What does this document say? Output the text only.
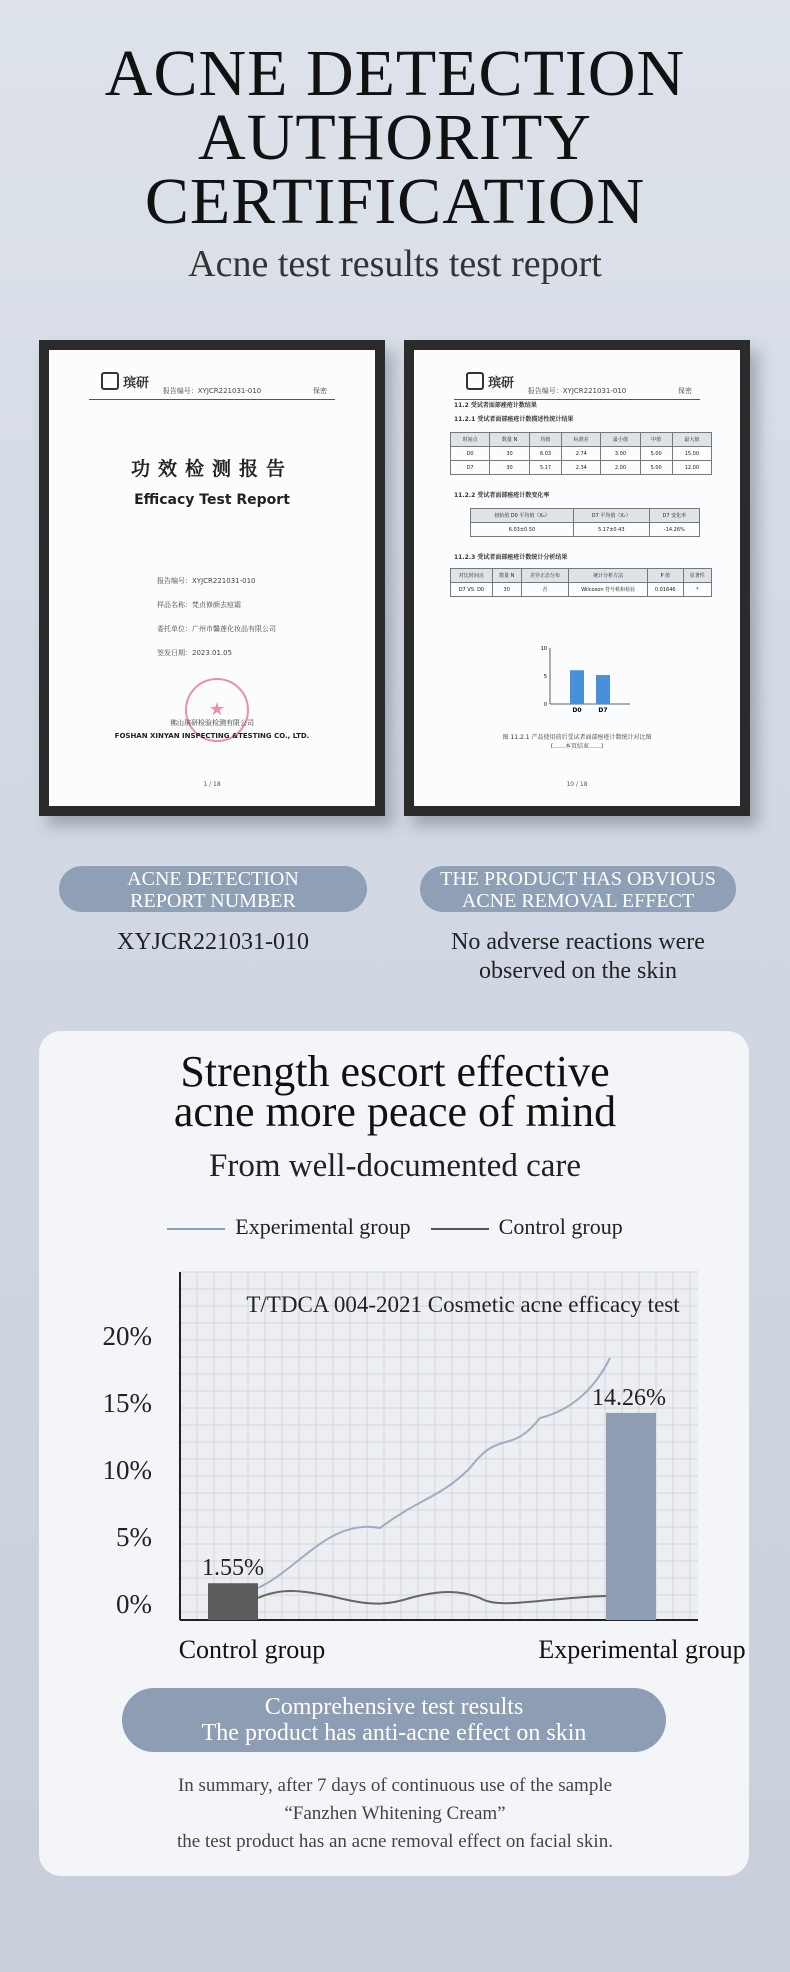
ACNE DETECTION
AUTHORITY
CERTIFICATION
Acne test results test report
瑸研	报告编号：XYJCR221031-010	保密
功效检测报告
Efficacy Test Report
报告编号：XYJCR221031-010
样品名称：梵贞修颜去痘霜
委托单位：广州市馨莲化妆品有限公司
签发日期：2023.01.05
★
佛山瑸研检验检测有限公司
FOSHAN XINYAN INSPECTING &TESTING CO., LTD.
1 / 18
瑸研	报告编号：XYJCR221031-010	保密
11.2 受试者面部痤疮计数结果
11.2.1 受试者面部痤疮计数描述性统计结果
时间点	数量 N	均值	标准差	最小值	中值	最大值
D0	30	6.03	2.74	3.00	5.00	15.00
D7	30	5.17	2.34	2.00	5.00	12.00
11.2.2 受试者面部痤疮计数变化率
初始值 D0 平均值（X₀）	D7 平均值（X₇）	D7 变化率
6.03±0.50	5.17±0.43	-14.26%
11.2.3 受试者面部痤疮计数统计分析结果
对比时间点	数量 N	差异正态分布	统计分析方法	P 值	显著性
D7 VS. D0	30	否	Wilcoxon 符号秩和检验	0.01646	*
0
5
10
D0	D7
图 11.2.1 产品使用前后受试者面部痤疮计数统计对比图
(……本页结束……)
10 / 18
ACNE DETECTION
REPORT NUMBER
XYJCR221031-010
THE PRODUCT HAS OBVIOUS
ACNE REMOVAL EFFECT
No adverse reactions were
observed on the skin
Strength escort effective
acne more peace of mind
From well-documented care
Experimental group	Control group
T/TDCA 004-2021 Cosmetic acne efficacy test
0%
5%
10%
15%
20%
1.55%
14.26%
Control group	Experimental group
Comprehensive test results
The product has anti-acne effect on skin
In summary, after 7 days of continuous use of the sample
“Fanzhen Whitening Cream”
the test product has an acne removal effect on facial skin.
